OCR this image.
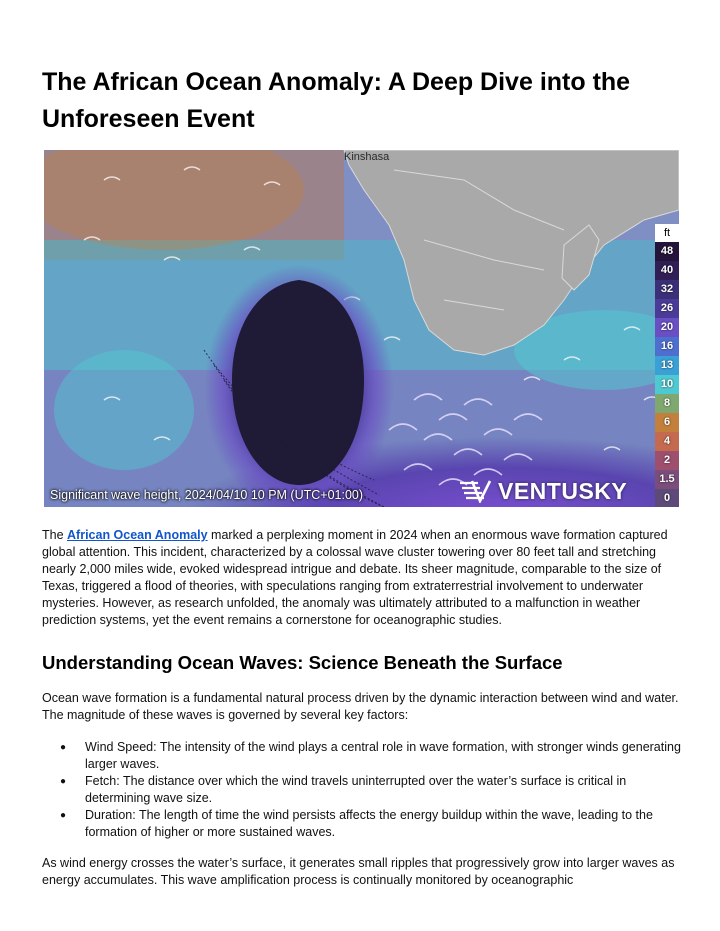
The African Ocean Anomaly: A Deep Dive into the Unforeseen Event
Kinshasa
ft
48
40
32
26
20
16
13
10
8
6
4
2
1.5
0
Significant wave height, 2024/04/10 10 PM (UTC+01:00)	VENTUSKY

The African Ocean Anomaly marked a perplexing moment in 2024 when an enormous wave formation captured global attention. This incident, characterized by a colossal wave cluster towering over 80 feet tall and stretching nearly 2,000 miles wide, evoked widespread intrigue and debate. Its sheer magnitude, comparable to the size of Texas, triggered a flood of theories, with speculations ranging from extraterrestrial involvement to underwater mysteries. However, as research unfolded, the anomaly was ultimately attributed to a malfunction in weather prediction systems, yet the event remains a cornerstone for oceanographic studies.

Understanding Ocean Waves: Science Beneath the Surface

Ocean wave formation is a fundamental natural process driven by the dynamic interaction between wind and water. The magnitude of these waves is governed by several key factors:

● Wind Speed: The intensity of the wind plays a central role in wave formation, with stronger winds generating larger waves.
● Fetch: The distance over which the wind travels uninterrupted over the water’s surface is critical in determining wave size.
● Duration: The length of time the wind persists affects the energy buildup within the wave, leading to the formation of higher or more sustained waves.

As wind energy crosses the water’s surface, it generates small ripples that progressively grow into larger waves as energy accumulates. This wave amplification process is continually monitored by oceanographic
